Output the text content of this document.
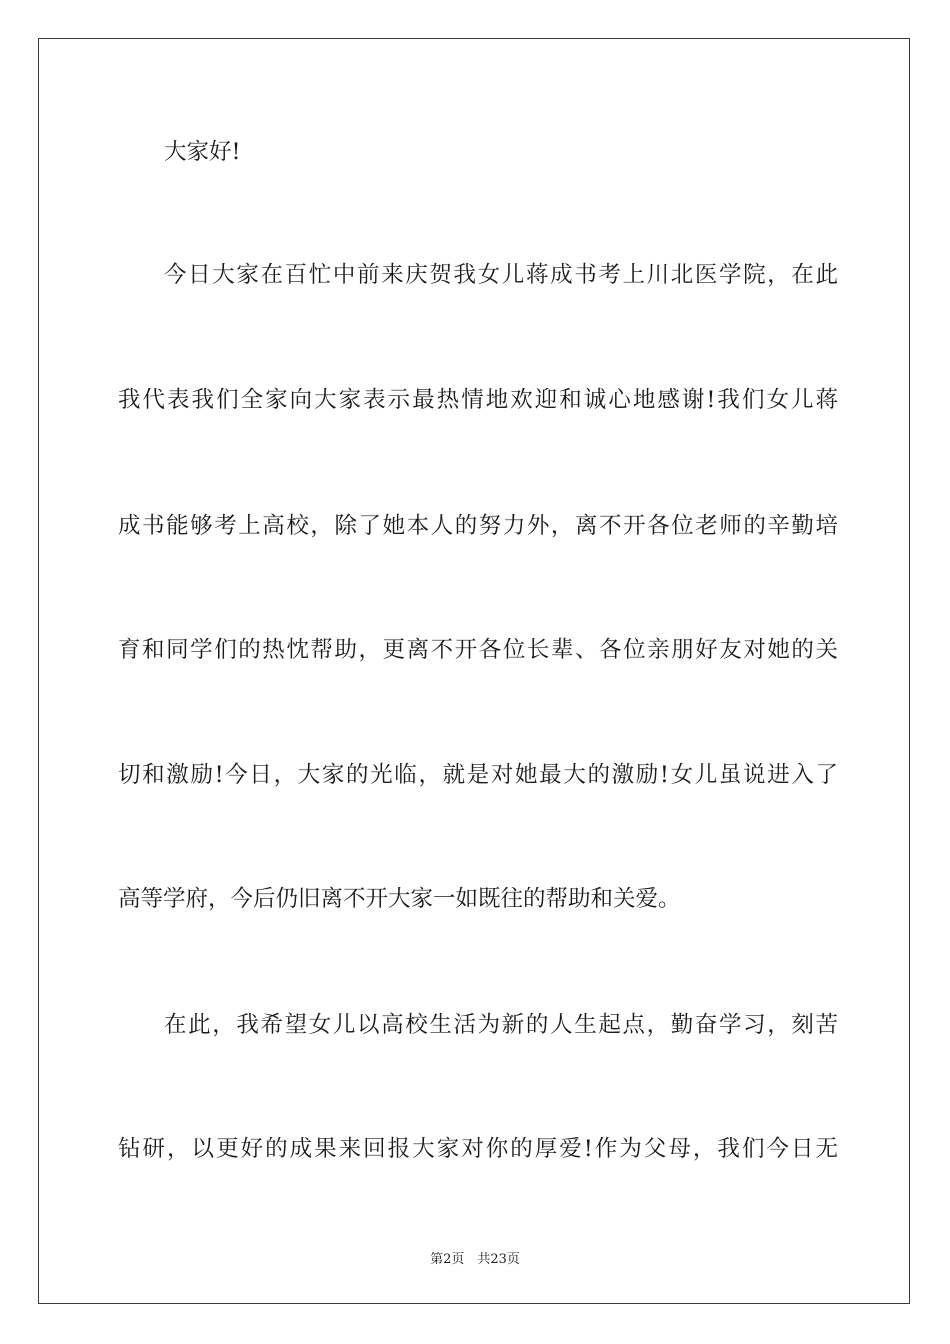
大家好!
今日大家在百忙中前来庆贺我女儿蒋成书考上川北医学院，在此
我代表我们全家向大家表示最热情地欢迎和诚心地感谢!我们女儿蒋
成书能够考上高校，除了她本人的努力外，离不开各位老师的辛勤培
育和同学们的热忱帮助，更离不开各位长辈、各位亲朋好友对她的关
切和激励!今日，大家的光临，就是对她最大的激励!女儿虽说进入了
高等学府，今后仍旧离不开大家一如既往的帮助和关爱。
在此，我希望女儿以高校生活为新的人生起点，勤奋学习，刻苦
钻研，以更好的成果来回报大家对你的厚爱!作为父母，我们今日无
第2页　共23页
